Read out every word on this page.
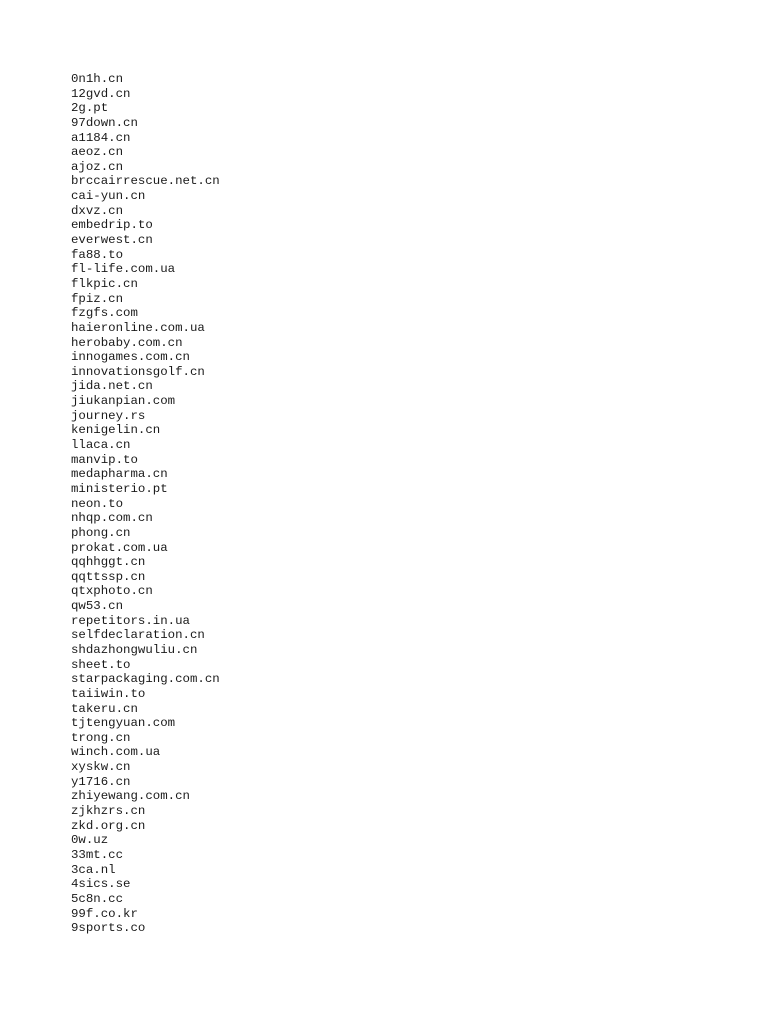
0n1h.cn
12gvd.cn
2g.pt
97down.cn
a1184.cn
aeoz.cn
ajoz.cn
brccairrescue.net.cn
cai-yun.cn
dxvz.cn
embedrip.to
everwest.cn
fa88.to
fl-life.com.ua
flkpic.cn
fpiz.cn
fzgfs.com
haieronline.com.ua
herobaby.com.cn
innogames.com.cn
innovationsgolf.cn
jida.net.cn
jiukanpian.com
journey.rs
kenigelin.cn
llaca.cn
manvip.to
medapharma.cn
ministerio.pt
neon.to
nhqp.com.cn
phong.cn
prokat.com.ua
qqhhggt.cn
qqttssp.cn
qtxphoto.cn
qw53.cn
repetitors.in.ua
selfdeclaration.cn
shdazhongwuliu.cn
sheet.to
starpackaging.com.cn
taiiwin.to
takeru.cn
tjtengyuan.com
trong.cn
winch.com.ua
xyskw.cn
y1716.cn
zhiyewang.com.cn
zjkhzrs.cn
zkd.org.cn
0w.uz
33mt.cc
3ca.nl
4sics.se
5c8n.cc
99f.co.kr
9sports.co
